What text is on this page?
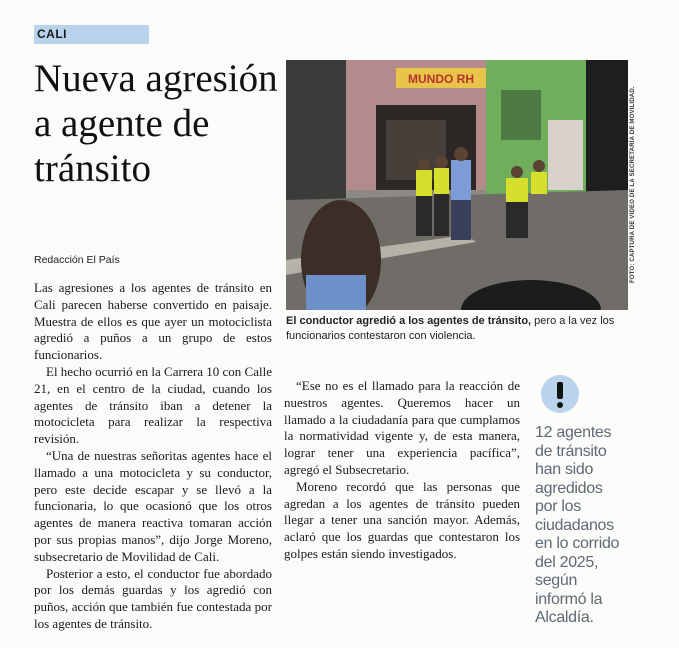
CALI
Nueva agresión a agente de tránsito
Redacción El País

Las agresiones a los agentes de tránsito en Cali parecen haberse convertido en paisaje. Muestra de ellos es que ayer un motociclista agredió a puños a un grupo de estos funcionarios.

El hecho ocurrió en la Carrera 10 con Calle 21, en el centro de la ciudad, cuando los agentes de tránsito iban a detener la motocicleta para realizar la respectiva revisión.

“Una de nuestras señoritas agentes hace el llamado a una motocicleta y su conductor, pero este decide escapar y se llevó a la funcionaria, lo que ocasionó que los otros agentes de manera reactiva tomaran acción por sus propias manos”, dijo Jorge Moreno, subsecretario de Movilidad de Cali.

Posterior a esto, el conductor fue abordado por los demás guardas y los agredió con puños, acción que también fue contestada por los agentes de tránsito.

“Ese no es el llamado para la reacción de nuestros agentes. Queremos hacer un llamado a la ciudadanía para que cumplamos la normatividad vigente y, de esta manera, lograr tener una experiencia pacífica”, agregó el Subsecretario.

Moreno recordó que las personas que agredan a los agentes de tránsito pueden llegar a tener una sanción mayor. Además, aclaró que los guardas que contestaron los golpes están siendo investigados.

MUNDO RH
FOTO: CAPTURA DE VIDEO DE LA SECRETARÍA DE MOVILIDAD.
El conductor agredió a los agentes de tránsito, pero a la vez los funcionarios contestaron con violencia.
12 agentes de tránsito han sido agredidos por los ciudadanos en lo corrido del 2025, según informó la Alcaldía.
